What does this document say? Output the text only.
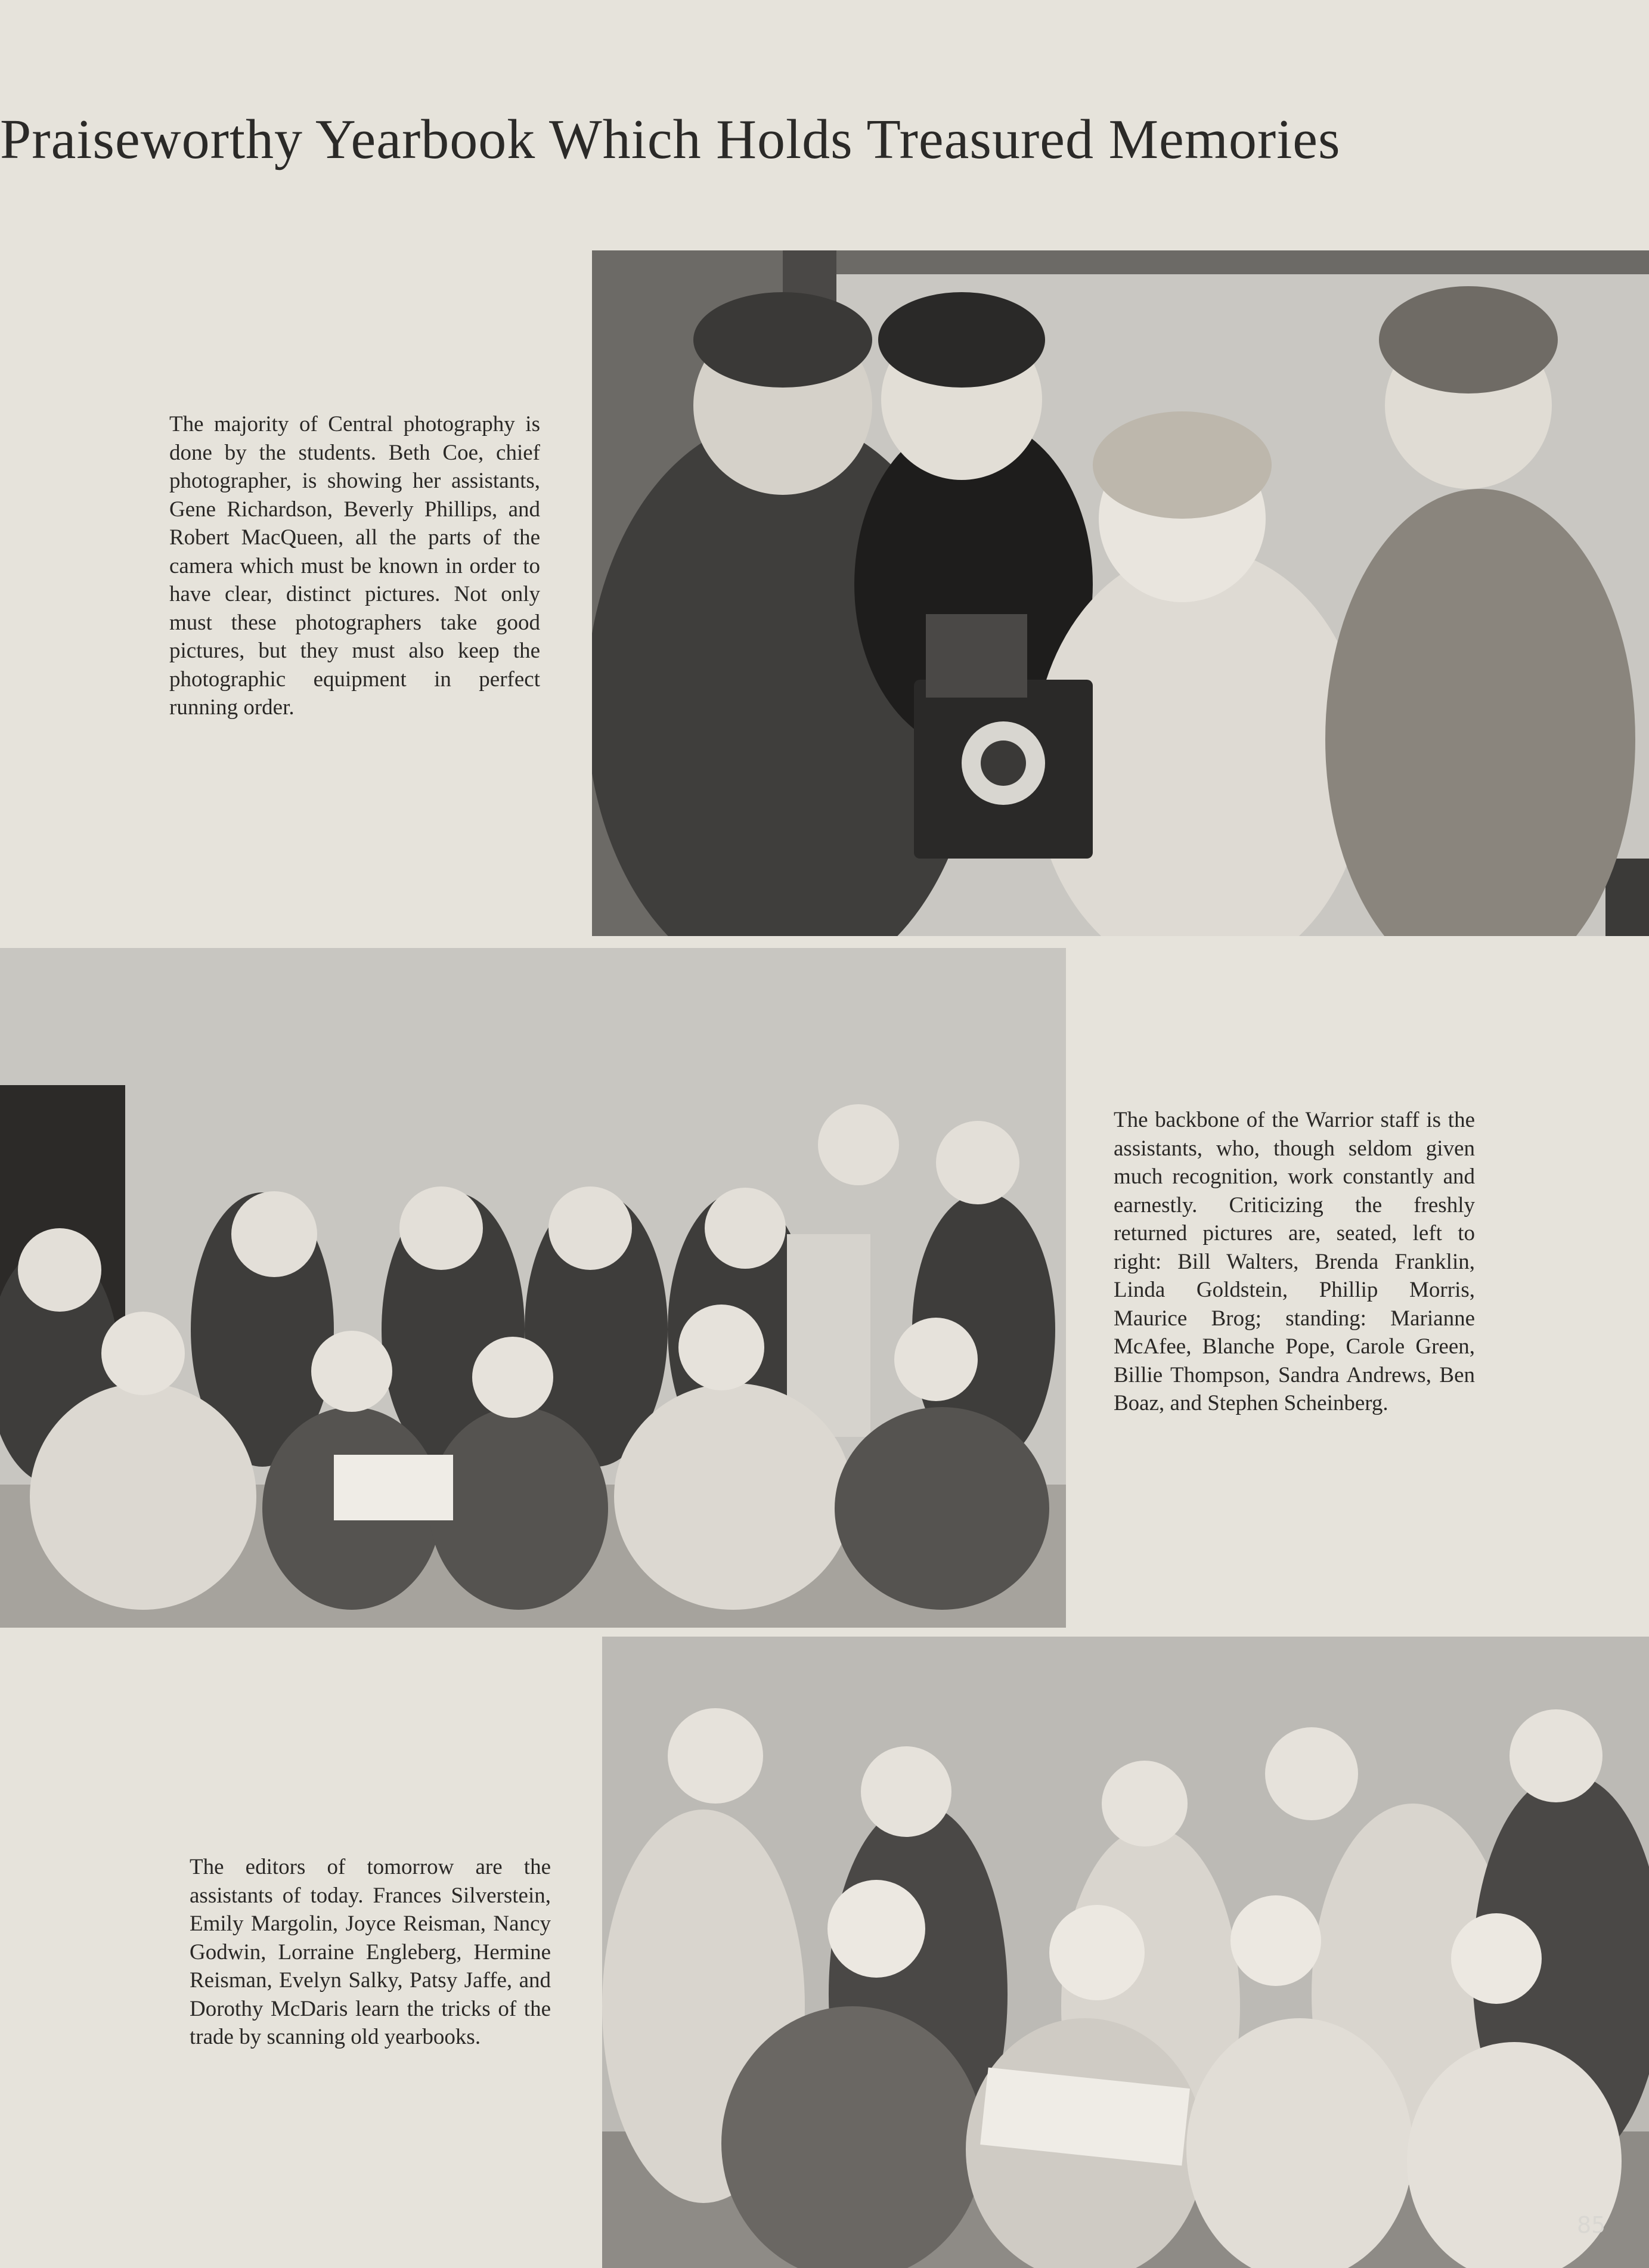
Praiseworthy Yearbook Which Holds Treasured Memories

The majority of Central photography is done by the students. Beth Coe, chief photographer, is showing her assistants, Gene Richardson, Beverly Phillips, and Robert MacQueen, all the parts of the camera which must be known in order to have clear, distinct pictures. Not only must these photographers take good pictures, but they must also keep the photographic equipment in perfect running order.

The backbone of the Warrior staff is the assistants, who, though seldom given much recognition, work constantly and earnestly. Criticizing the freshly returned pictures are, seated, left to right: Bill Walters, Brenda Franklin, Linda Goldstein, Phillip Morris, Maurice Brog; standing: Marianne McAfee, Blanche Pope, Carole Green, Billie Thompson, Sandra Andrews, Ben Boaz, and Stephen Scheinberg.

The editors of tomorrow are the assistants of today. Frances Silverstein, Emily Margolin, Joyce Reisman, Nancy Godwin, Lorraine Engleberg, Hermine Reisman, Evelyn Salky, Patsy Jaffe, and Dorothy McDaris learn the tricks of the trade by scanning old yearbooks.

85
